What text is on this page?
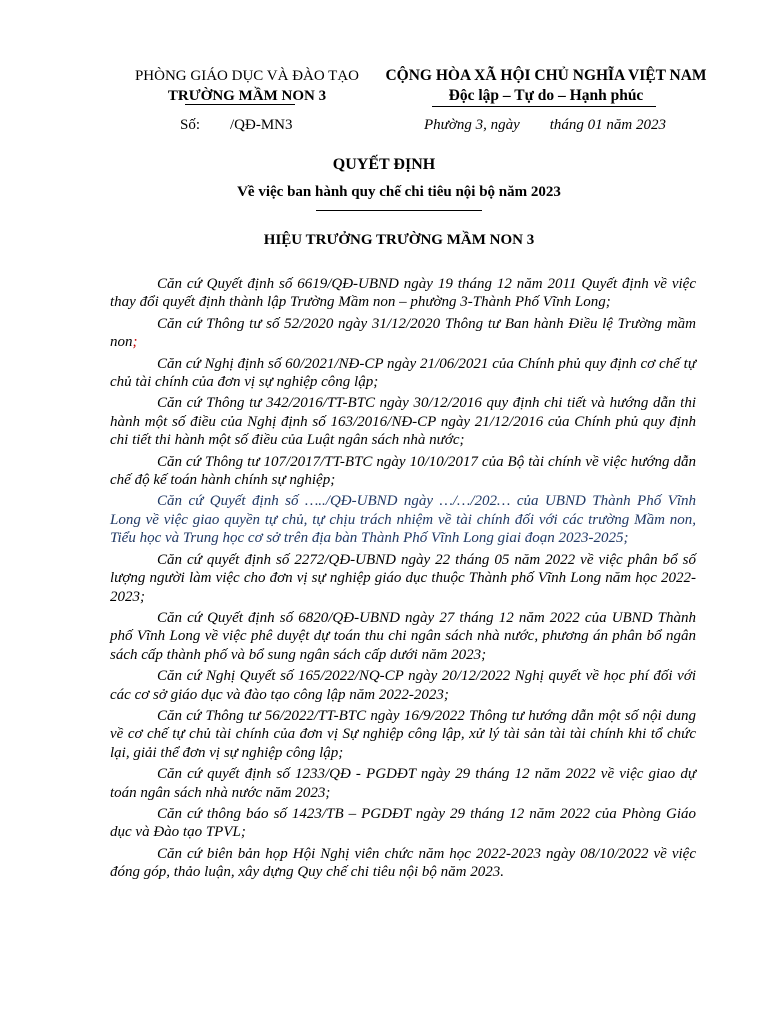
PHÒNG GIÁO DỤC VÀ ĐÀO TẠO
TRƯỜNG MẦM NON 3
CỘNG HÒA XÃ HỘI CHỦ NGHĨA VIỆT NAM
Độc lập – Tự do – Hạnh phúc
Số: /QĐ-MN3	Phường 3, ngày        tháng 01 năm 2023
QUYẾT ĐỊNH
Về việc ban hành quy chế chi tiêu nội bộ năm 2023
HIỆU TRƯỞNG TRƯỜNG MẦM NON 3

Căn cứ Quyết định số 6619/QĐ-UBND ngày 19 tháng 12 năm 2011 Quyết định về việc thay đổi quyết định thành lập Trường Mầm non – phường 3-Thành Phố Vĩnh Long;

Căn cứ Thông tư số 52/2020 ngày 31/12/2020 Thông tư Ban hành Điều lệ Trường mầm non;

Căn cứ Nghị định số 60/2021/NĐ-CP ngày 21/06/2021 của Chính phủ quy định cơ chế tự chủ tài chính của đơn vị sự nghiệp công lập;

Căn cứ Thông tư 342/2016/TT-BTC ngày 30/12/2016 quy định chi tiết và hướng dẫn thi hành một số điều của Nghị định số 163/2016/NĐ-CP ngày 21/12/2016 của Chính phủ quy định chi tiết thi hành một số điều của Luật ngân sách nhà nước;

Căn cứ Thông tư 107/2017/TT-BTC ngày 10/10/2017 của Bộ tài chính về việc hướng dẫn chế độ kế toán hành chính sự nghiệp;

Căn cứ Quyết định số …../QĐ-UBND ngày …/…/202… của UBND Thành Phố Vĩnh Long về việc giao quyền tự chủ, tự chịu trách nhiệm về tài chính đối với các trường Mầm non, Tiểu học và Trung học cơ sở trên địa bàn Thành Phố Vĩnh Long giai đoạn 2023-2025;

Căn cứ quyết định số 2272/QĐ-UBND ngày 22 tháng 05 năm 2022 về việc phân bổ số lượng người làm việc cho đơn vị sự nghiệp giáo dục thuộc Thành phố Vĩnh Long năm học 2022-2023;

Căn cứ Quyết định số 6820/QĐ-UBND ngày 27 tháng 12 năm 2022 của UBND Thành phố Vĩnh Long về việc phê duyệt dự toán thu chi ngân sách nhà nước, phương án phân bổ ngân sách cấp thành phố và bổ sung ngân sách cấp dưới năm 2023;

Căn cứ Nghị Quyết số 165/2022/NQ-CP ngày 20/12/2022 Nghị quyết về học phí đối với các cơ sở giáo dục và đào tạo công lập năm 2022-2023;

Căn cứ Thông tư 56/2022/TT-BTC ngày 16/9/2022 Thông tư hướng dẫn một số nội dung về cơ chế tự chủ tài chính của đơn vị Sự nghiệp công lập, xử lý tài sản tài tài chính khi tổ chức lại, giải thể đơn vị sự nghiệp công lập;

Căn cứ quyết định số 1233/QĐ - PGDĐT ngày 29 tháng 12 năm 2022 về việc giao dự toán ngân sách nhà nước năm 2023;

Căn cứ thông báo số 1423/TB – PGDĐT ngày 29 tháng 12 năm 2022 của Phòng Giáo dục và Đào tạo TPVL;

Căn cứ biên bản họp Hội Nghị viên chức năm học 2022-2023 ngày 08/10/2022 về việc đóng góp, thảo luận, xây dựng Quy chế chi tiêu nội bộ năm 2023.
